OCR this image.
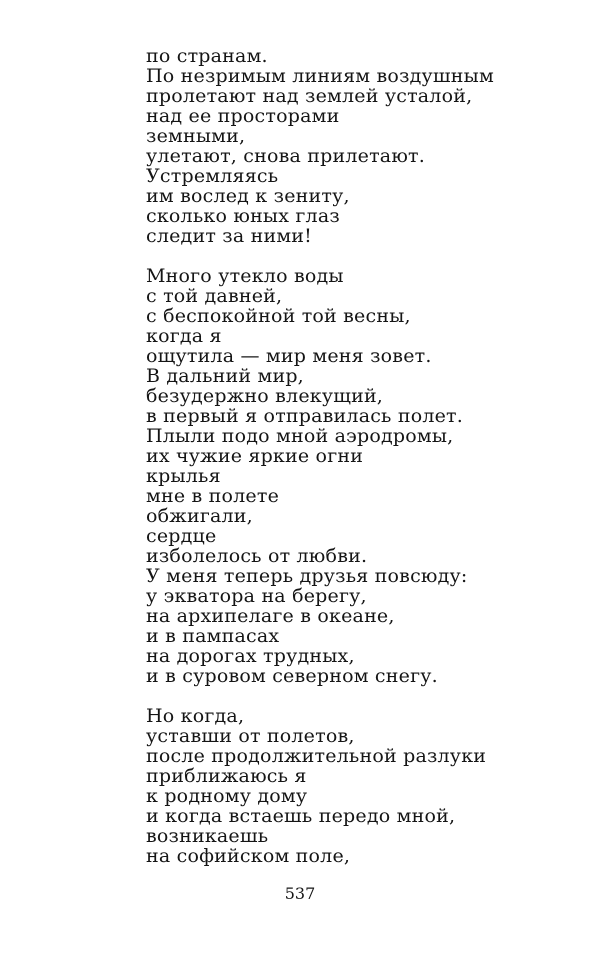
по странам.
По незримым линиям воздушным
пролетают над землей усталой,
над ее просторами
земными,
улетают, снова прилетают.
Устремляясь
им вослед к зениту,
сколько юных глаз
следит за ними!
Много утекло воды
с той давней,
с беспокойной той весны,
когда я
ощутила — мир меня зовет.
В дальний мир,
безудержно влекущий,
в первый я отправилась полет.
Плыли подо мной аэродромы,
их чужие яркие огни
крылья
мне в полете
обжигали,
сердце
изболелось от любви.
У меня теперь друзья повсюду:
у экватора на берегу,
на архипелаге в океане,
и в пампасах
на дорогах трудных,
и в суровом северном снегу.
Но когда,
уставши от полетов,
после продолжительной разлуки
приближаюсь я
к родному дому
и когда встаешь передо мной,
возникаешь
на софийском поле,
537
